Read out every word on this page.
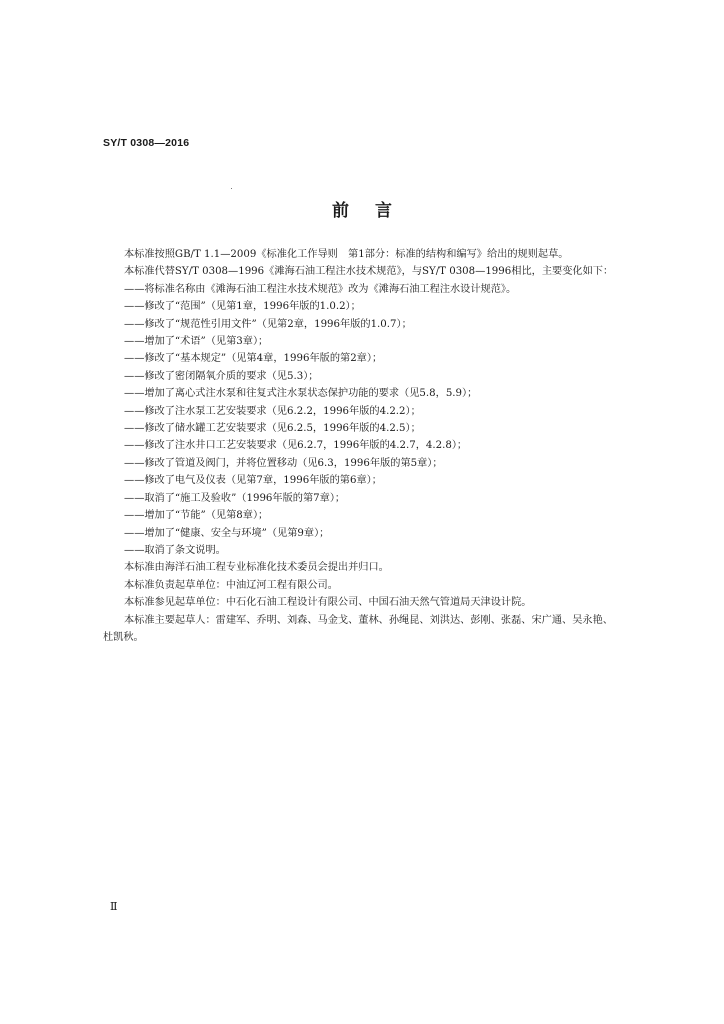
SY/T 0308—2016
前言

本标准按照GB/T 1.1—2009《标准化工作导则　第1部分：标准的结构和编写》给出的规则起草。

本标准代替SY/T 0308—1996《滩海石油工程注水技术规范》，与SY/T 0308—1996相比，主要变化如下：

——将标准名称由《滩海石油工程注水技术规范》改为《滩海石油工程注水设计规范》。

——修改了“范围”（见第1章，1996年版的1.0.2）；

——修改了“规范性引用文件”（见第2章，1996年版的1.0.7）；

——增加了“术语”（见第3章）；

——修改了“基本规定”（见第4章，1996年版的第2章）；

——修改了密闭隔氧介质的要求（见5.3）；

——增加了离心式注水泵和往复式注水泵状态保护功能的要求（见5.8，5.9）；

——修改了注水泵工艺安装要求（见6.2.2，1996年版的4.2.2）；

——修改了储水罐工艺安装要求（见6.2.5，1996年版的4.2.5）；

——修改了注水井口工艺安装要求（见6.2.7，1996年版的4.2.7，4.2.8）；

——修改了管道及阀门，并将位置移动（见6.3，1996年版的第5章）；

——修改了电气及仪表（见第7章，1996年版的第6章）；

——取消了“施工及验收”（1996年版的第7章）；

——增加了“节能”（见第8章）；

——增加了“健康、安全与环境”（见第9章）；

——取消了条文说明。

本标准由海洋石油工程专业标准化技术委员会提出并归口。

本标准负责起草单位：中油辽河工程有限公司。

本标准参见起草单位：中石化石油工程设计有限公司、中国石油天然气管道局天津设计院。

本标准主要起草人：雷建军、乔明、刘森、马金戈、董林、孙绳昆、刘洪达、彭刚、张磊、宋广通、吴永艳、杜凯秋。

Ⅱ
